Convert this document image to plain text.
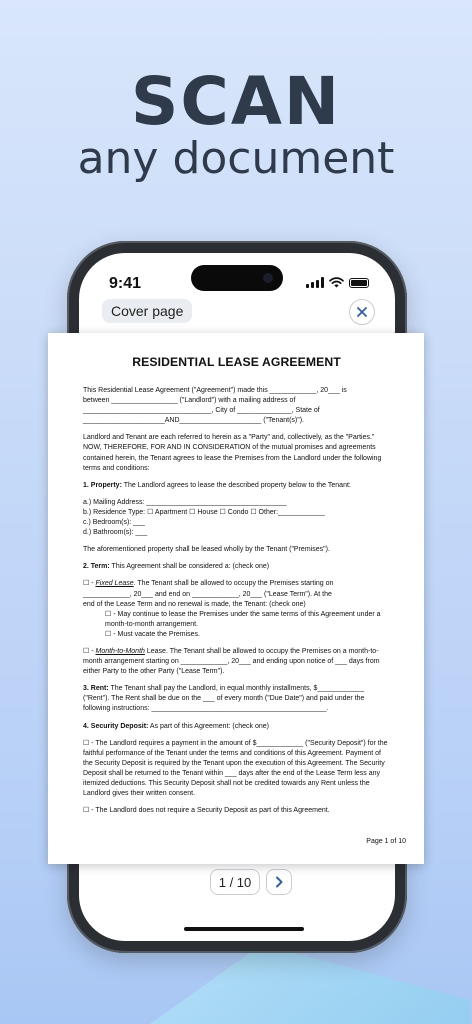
SCAN
any document
9:41
Cover page
1 / 10
RESIDENTIAL LEASE AGREEMENT

This Residential Lease Agreement ("Agreement") made this ____________, 20___ is
between _________________ ("Landlord") with a mailing address of
_________________________________, City of ______________, State of
_____________________AND_____________________ ("Tenant(s)").

Landlord and Tenant are each referred to herein as a "Party" and, collectively, as the "Parties." NOW, THEREFORE, FOR AND IN CONSIDERATION of the mutual promises and agreements contained herein, the Tenant agrees to lease the Premises from the Landlord under the following terms and conditions:

1. Property: The Landlord agrees to lease the described property below to the Tenant:

a.) Mailing Address: ____________________________________
b.) Residence Type: ☐ Apartment ☐ House ☐ Condo ☐ Other:____________
c.) Bedroom(s): ___
d.) Bathroom(s): ___

The aforementioned property shall be leased wholly by the Tenant ("Premises").

2. Term: This Agreement shall be considered a: (check one)

☐ - Fixed Lease. The Tenant shall be allowed to occupy the Premises starting on
____________, 20___ and end on ____________, 20___ ("Lease Term"). At the
end of the Lease Term and no renewal is made, the Tenant: (check one)

☐ - May continue to lease the Premises under the same terms of this Agreement under a month-to-month arrangement.

☐ - Must vacate the Premises.

☐ - Month-to-Month Lease. The Tenant shall be allowed to occupy the Premises on a month-to-month arrangement starting on ____________, 20___ and ending upon notice of ___ days from either Party to the other Party ("Lease Term").

3. Rent: The Tenant shall pay the Landlord, in equal monthly installments, $____________ ("Rent"). The Rent shall be due on the ___ of every month ("Due Date") and paid under the following instructions: _____________________________________________.

4. Security Deposit: As part of this Agreement: (check one)

☐ - The Landlord requires a payment in the amount of $____________ ("Security Deposit") for the faithful performance of the Tenant under the terms and conditions of this Agreement. Payment of the Security Deposit is required by the Tenant upon the execution of this Agreement. The Security Deposit shall be returned to the Tenant within ___ days after the end of the Lease Term less any itemized deductions. This Security Deposit shall not be credited towards any Rent unless the Landlord gives their written consent.

☐ - The Landlord does not require a Security Deposit as part of this Agreement.

Page 1 of 10
